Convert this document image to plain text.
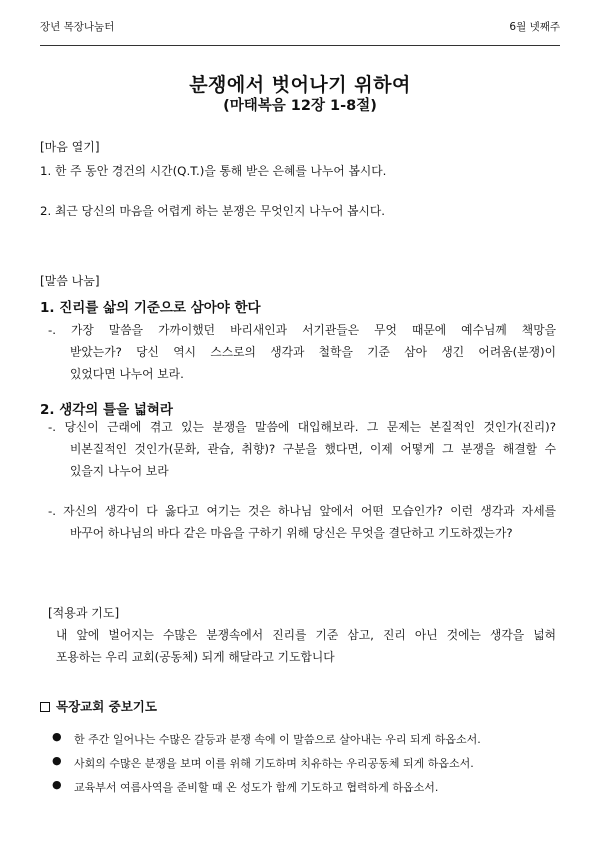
장년 목장나눔터	6월 넷째주
분쟁에서 벗어나기 위하여
(마태복음 12장 1-8절)
[마음 열기]
1. 한 주 동안 경건의 시간(Q.T.)을 통해 받은 은혜를 나누어 봅시다.
2. 최근 당신의 마음을 어렵게 하는 분쟁은 무엇인지 나누어 봅시다.
[말씀 나눔]
1. 진리를 삶의 기준으로 삼아야 한다
-. 가장 말씀을 가까이했던 바리새인과 서기관들은 무엇 때문에 예수님께 책망을
받았는가? 당신 역시 스스로의 생각과 철학을 기준 삼아 생긴 어려움(분쟁)이
있었다면 나누어 보라.
2. 생각의 틀을 넓혀라
-. 당신이 근래에 겪고 있는 분쟁을 말씀에 대입해보라. 그 문제는 본질적인 것인가(진리)?
비본질적인 것인가(문화, 관습, 취향)? 구분을 했다면, 이제 어떻게 그 분쟁을 해결할 수
있을지 나누어 보라
-. 자신의 생각이 다 옳다고 여기는 것은 하나님 앞에서 어떤 모습인가? 이런 생각과 자세를
바꾸어 하나님의 바다 같은 마음을 구하기 위해 당신은 무엇을 결단하고 기도하겠는가?
[적용과 기도]
내 앞에 벌어지는 수많은 분쟁속에서 진리를 기준 삼고, 진리 아닌 것에는 생각을 넓혀
포용하는 우리 교회(공동체) 되게 해달라고 기도합니다
목장교회 중보기도
● 한 주간 일어나는 수많은 갈등과 분쟁 속에 이 말씀으로 살아내는 우리 되게 하옵소서.
● 사회의 수많은 분쟁을 보며 이를 위해 기도하며 치유하는 우리공동체 되게 하옵소서.
● 교육부서 여름사역을 준비할 때 온 성도가 함께 기도하고 협력하게 하옵소서.
